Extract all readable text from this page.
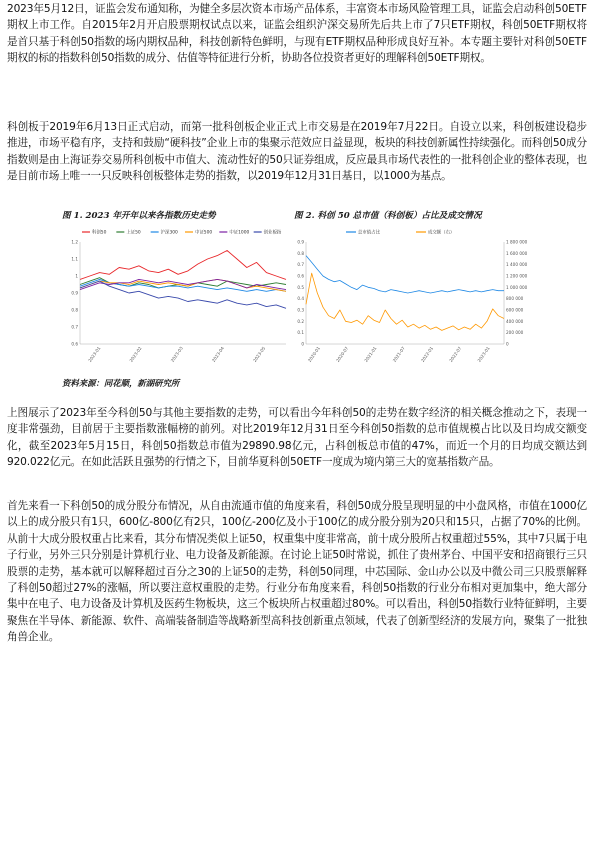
2023年5月12日，证监会发布通知称，为健全多层次资本市场产品体系，丰富资本市场风险管理工具，证监会启动科创50ETF期权上市工作。自2015年2月开启股票期权试点以来，证监会组织沪深交易所先后共上市了7只ETF期权，科创50ETF期权将是首只基于科创50指数的场内期权品种，科技创新特色鲜明，与现有ETF期权品种形成良好互补。本专题主要针对科创50ETF期权的标的指数科创50指数的成分、估值等特征进行分析，协助各位投资者更好的理解科创50ETF期权。

科创板于2019年6月13日正式启动，而第一批科创板企业正式上市交易是在2019年7月22日。自设立以来，科创板建设稳步推进，市场平稳有序，支持和鼓励“硬科技”企业上市的集聚示范效应日益显现，板块的科技创新属性持续强化。而科创50成分指数则是由上海证券交易所科创板中市值大、流动性好的50只证券组成，反应最具市场代表性的一批科创企业的整体表现，也是目前市场上唯一一只反映科创板整体走势的指数，以2019年12月31日基日，以1000为基点。

图 1. 2023 年开年以来各指数历史走势
科创50	上证50	沪深300	中证500	中证1000	创业板指
1.2
1.1
1
0.9
0.8
0.7
0.6
2023-01	2023-02	2023-03	2023-04	2023-05
图 2. 科创 50 总市值（科创板）占比及成交情况
总市值占比	成交额（右）
0.9
0.8
0.7
0.6
0.5
0.4
0.3
0.2
0.1
0
1 800 000
1 600 000
1 400 000
1 200 000
1 000 000
800 000
600 000
400 000
200 000
0
2020-01	2020-07	2021-01	2021-07	2022-01	2022-07	2023-01
资料来源：同花顺，新湖研究所

上图展示了2023年至今科创50与其他主要指数的走势，可以看出今年科创50的走势在数字经济的相关概念推动之下，表现一度非常强劲，目前居于主要指数涨幅榜的前列。对比2019年12月31日至今科创50指数的总市值规模占比以及日均成交额变化，截至2023年5月15日，科创50指数总市值为29890.98亿元，占科创板总市值的47%，而近一个月的日均成交额达到920.022亿元。在如此活跃且强势的行情之下，目前华夏科创50ETF一度成为境内第三大的宽基指数产品。

首先来看一下科创50的成分股分布情况，从自由流通市值的角度来看，科创50成分股呈现明显的中小盘风格，市值在1000亿以上的成分股只有1只，600亿-800亿有2只，100亿-200亿及小于100亿的成分股分别为20只和15只，占据了70%的比例。从前十大成分股权重占比来看，其分布情况类似上证50，权重集中度非常高，前十成分股所占权重超过55%，其中7只属于电子行业，另外三只分别是计算机行业、电力设备及新能源。在讨论上证50时常说，抓住了贵州茅台、中国平安和招商银行三只股票的走势，基本就可以解释超过百分之30的上证50的走势，科创50同理，中芯国际、金山办公以及中微公司三只股票解释了科创50超过27%的涨幅，所以要注意权重股的走势。行业分布角度来看，科创50指数的行业分布相对更加集中，绝大部分集中在电子、电力设备及计算机及医药生物板块，这三个板块所占权重超过80%。可以看出，科创50指数行业特征鲜明，主要聚焦在半导体、新能源、软件、高端装备制造等战略新型高科技创新重点领域，代表了创新型经济的发展方向，聚集了一批独角兽企业。
